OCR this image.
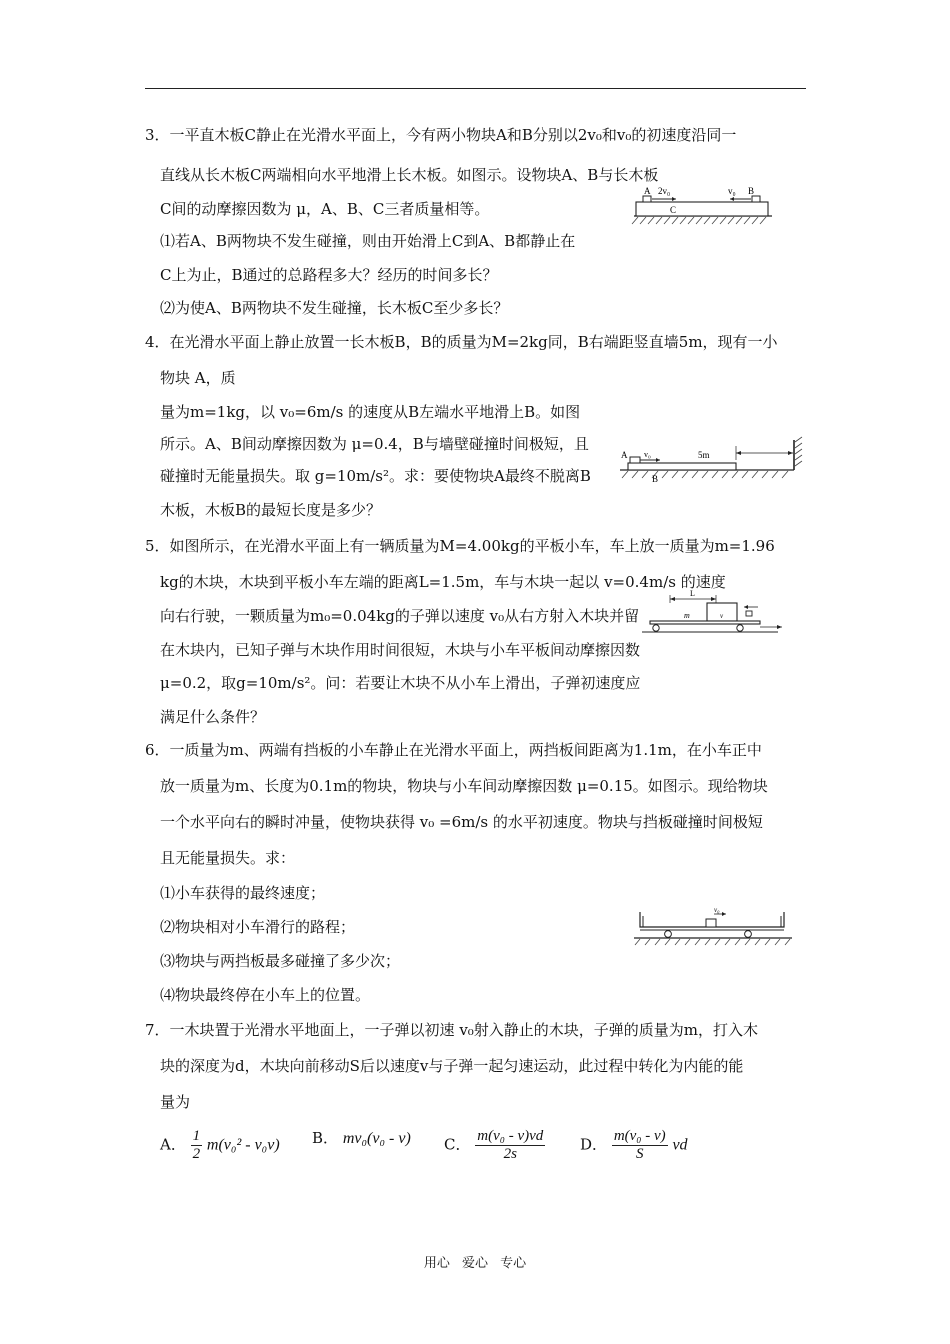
3．一平直木板C静止在光滑水平面上，今有两小物块A和B分别以2v₀和v₀的初速度沿同一
直线从长木板C两端相向水平地滑上长木板。如图示。设物块A、B与长木板
C间的动摩擦因数为 μ，A、B、C三者质量相等。
⑴若A、B两物块不发生碰撞，则由开始滑上C到A、B都静止在
C上为止，B通过的总路程多大？经历的时间多长？
⑵为使A、B两物块不发生碰撞，长木板C至少多长？
A 2v₀	v₀ B
C
4．在光滑水平面上静止放置一长木板B，B的质量为M=2kg同，B右端距竖直墙5m，现有一小
物块 A，质
量为m=1kg，以 v₀=6m/s 的速度从B左端水平地滑上B。如图
所示。A、B间动摩擦因数为 μ=0.4，B与墙壁碰撞时间极短，且
碰撞时无能量损失。取 g=10m/s²。求：要使物块A最终不脱离B
木板，木板B的最短长度是多少？
A v₀	5m
B
5．如图所示，在光滑水平面上有一辆质量为M=4.00kg的平板小车，车上放一质量为m=1.96
kg的木块，木块到平板小车左端的距离L=1.5m，车与木块一起以 v=0.4m/s 的速度
向右行驶，一颗质量为m₀=0.04kg的子弹以速度 v₀从右方射入木块并留
在木块内，已知子弹与木块作用时间很短，木块与小车平板间动摩擦因数
μ=0.2，取g=10m/s²。问：若要让木块不从小车上滑出，子弹初速度应
满足什么条件？
L
m	v
6．一质量为m、两端有挡板的小车静止在光滑水平面上，两挡板间距离为1.1m，在小车正中
放一质量为m、长度为0.1m的物块，物块与小车间动摩擦因数 μ=0.15。如图示。现给物块
一个水平向右的瞬时冲量，使物块获得 v₀ =6m/s 的水平初速度。物块与挡板碰撞时间极短
且无能量损失。求：
⑴小车获得的最终速度；
⑵物块相对小车滑行的路程；
⑶物块与两挡板最多碰撞了多少次；
⑷物块最终停在小车上的位置。
v₀
7．一木块置于光滑水平地面上，一子弹以初速 v₀射入静止的木块，子弹的质量为m，打入木
块的深度为d，木块向前移动S后以速度v与子弹一起匀速运动，此过程中转化为内能的能
量为
A． $\frac{1}{2} m(v_0^2 - v_0v)$ B． mv₀(v₀ - v) C． $\frac{\text{m(v₀ - v)vd}}{2s}$ D． $\frac{\text{m(v₀ - v)}}{S}$ vd
用心 爱心 专心
